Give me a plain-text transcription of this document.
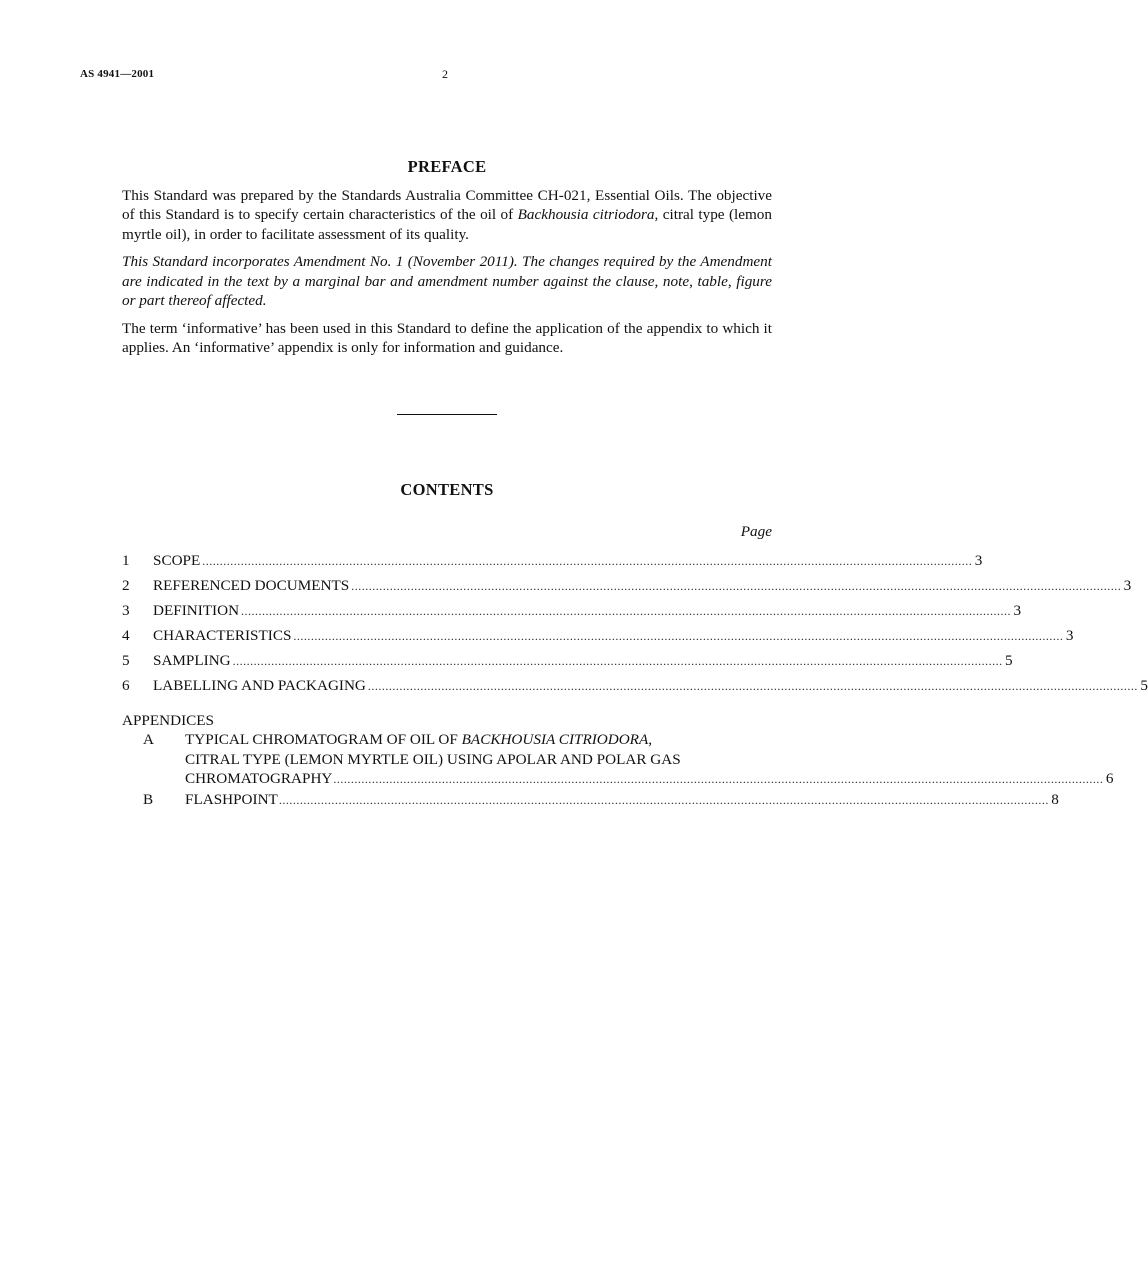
AS 4941—2001	2
PREFACE

This Standard was prepared by the Standards Australia Committee CH-021, Essential Oils. The objective of this Standard is to specify certain characteristics of the oil of Backhousia citriodora, citral type (lemon myrtle oil), in order to facilitate assessment of its quality.

This Standard incorporates Amendment No. 1 (November 2011). The changes required by the Amendment are indicated in the text by a marginal bar and amendment number against the clause, note, table, figure or part thereof affected.

The term ‘informative’ has been used in this Standard to define the application of the appendix to which it applies. An ‘informative’ appendix is only for information and guidance.

CONTENTS
Page
1	SCOPE ............................................................................................................................................................................................................................ 3
2	REFERENCED DOCUMENTS ............................................................................................................................................................................................................................ 3
3	DEFINITION ............................................................................................................................................................................................................................ 3
4	CHARACTERISTICS ............................................................................................................................................................................................................................ 3
5	SAMPLING ............................................................................................................................................................................................................................ 5
6	LABELLING AND PACKAGING ............................................................................................................................................................................................................................ 5
APPENDICES
A	TYPICAL CHROMATOGRAM OF OIL OF BACKHOUSIA CITRIODORA,
CITRAL TYPE (LEMON MYRTLE OIL) USING APOLAR AND POLAR GAS
CHROMATOGRAPHY ............................................................................................................................................................................................................................ 6
B	FLASHPOINT ............................................................................................................................................................................................................................ 8
